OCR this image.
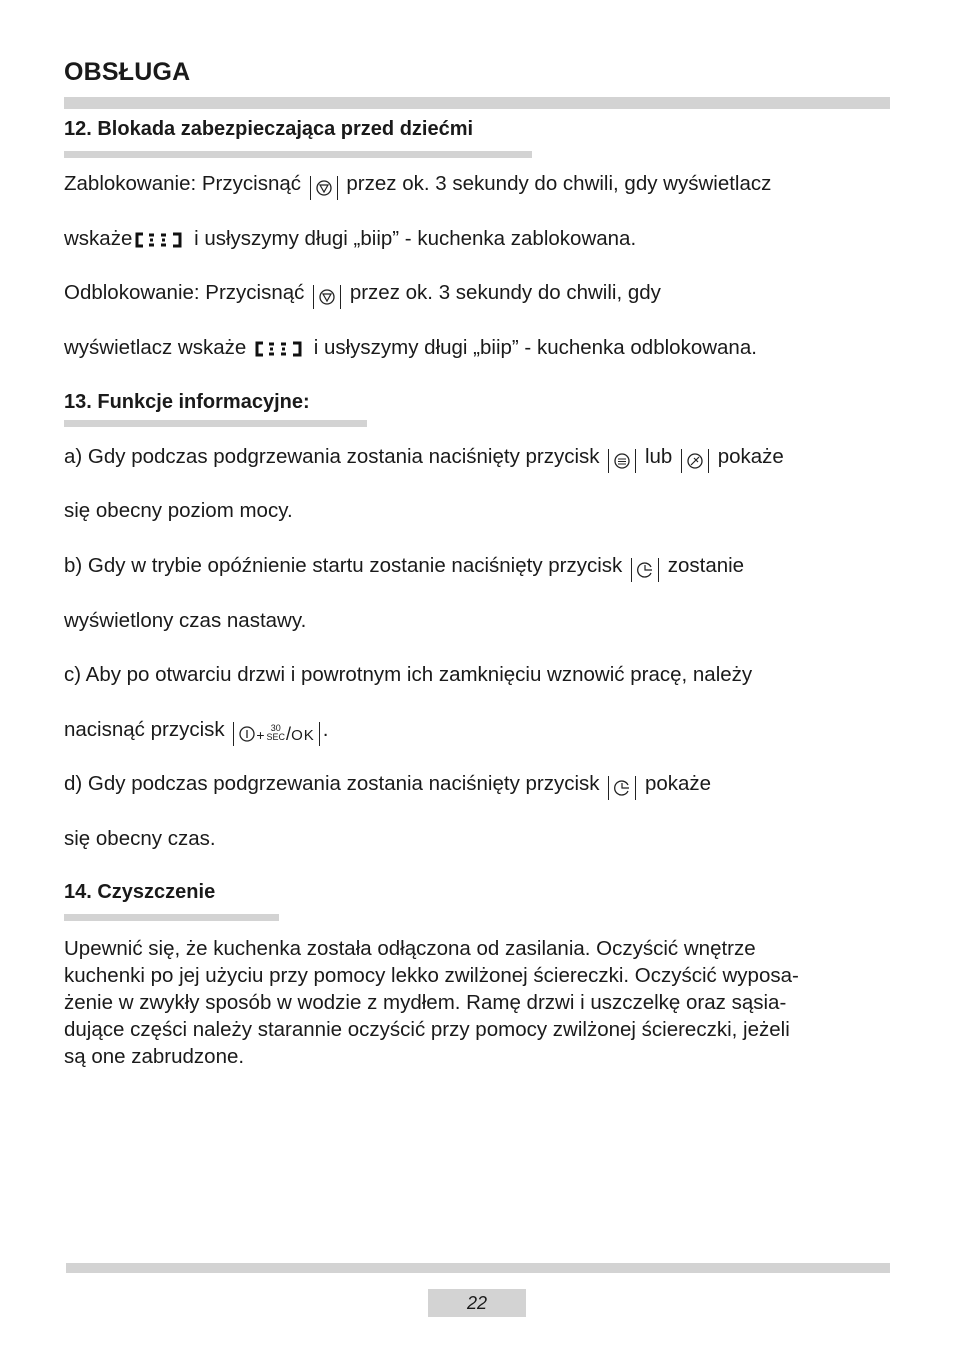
OBSŁUGA
12. Blokada zabezpieczająca przed dziećmi
Zablokowanie: Przycisnąć przez ok. 3 sekundy do chwili, gdy wyświetlacz
wskaże	i usłyszymy długi „biip” - kuchenka zablokowana.
Odblokowanie: Przycisnąć przez ok. 3 sekundy do chwili, gdy
wyświetlacz wskaże	i usłyszymy długi „biip” - kuchenka odblokowana.
13. Funkcje informacyjne:
a) Gdy podczas podgrzewania zostania naciśnięty przycisk lub pokaże
się obecny poziom mocy.
b) Gdy w trybie opóźnienie startu zostanie naciśnięty przycisk zostanie
wyświetlony czas nastawy.
c) Aby po otwarciu drzwi i powrotnym ich zamknięciu wznowić pracę, należy
nacisnąć przycisk + 30
SEC /OK .
d) Gdy podczas podgrzewania zostania naciśnięty przycisk pokaże
się obecny czas.
14. Czyszczenie
Upewnić się, że kuchenka została odłączona od zasilania. Oczyścić wnętrze
kuchenki po jej użyciu przy pomocy lekko zwilżonej ściereczki. Oczyścić wyposa-
żenie w zwykły sposób w wodzie z mydłem. Ramę drzwi i uszczelkę oraz sąsia-
dujące części należy starannie oczyścić przy pomocy zwilżonej ściereczki, jeżeli
są one zabrudzone.
22
